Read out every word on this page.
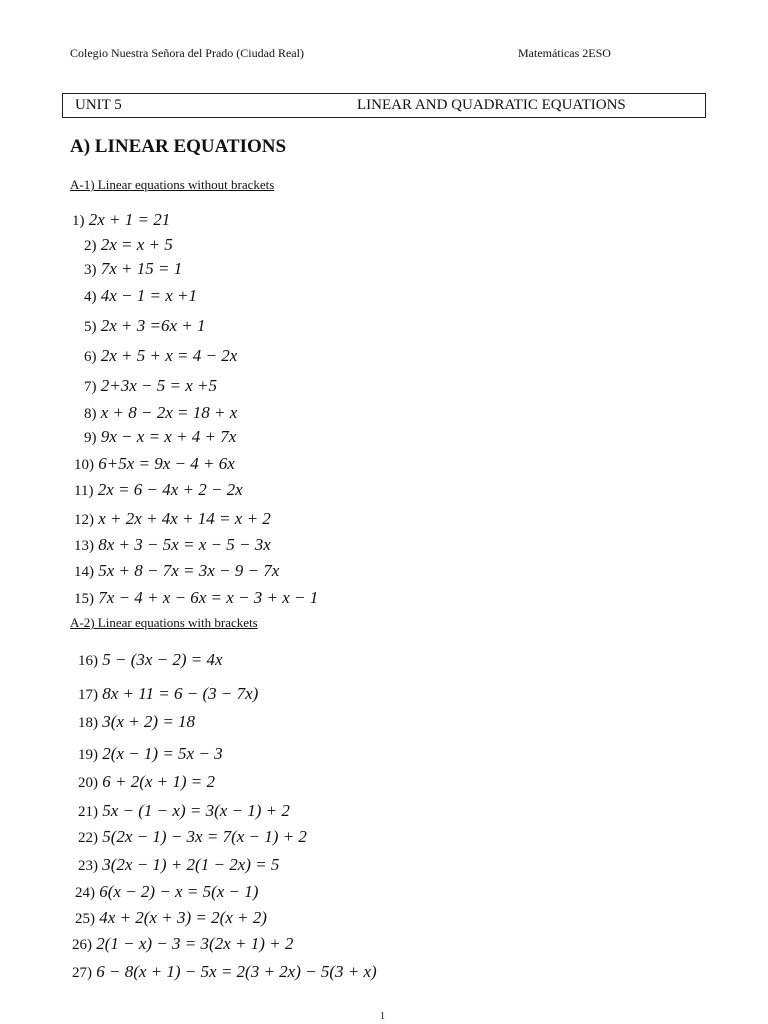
Colegio Nuestra Señora del Prado (Ciudad Real)	Matemáticas 2ESO
UNIT 5	LINEAR AND QUADRATIC EQUATIONS
A) LINEAR EQUATIONS
A-1) Linear equations without brackets
A-2) Linear equations with brackets
1) 2x + 1 = 21
2) 2x = x + 5
3) 7x + 15 = 1
4) 4x − 1 = x +1
5) 2x + 3 =6x + 1
6) 2x + 5 + x = 4 − 2x
7) 2+3x − 5 = x +5
8) x + 8 − 2x = 18 + x
9) 9x − x = x + 4 + 7x
10) 6+5x = 9x − 4 + 6x
11) 2x = 6 − 4x + 2 − 2x
12) x + 2x + 4x + 14 = x + 2
13) 8x + 3 − 5x = x − 5 − 3x
14) 5x + 8 − 7x = 3x − 9 − 7x
15) 7x − 4 + x − 6x = x − 3 + x − 1
16) 5 − (3x − 2) = 4x
17) 8x + 11 = 6 − (3 − 7x)
18) 3(x + 2) = 18
19) 2(x − 1) = 5x − 3
20) 6 + 2(x + 1) = 2
21) 5x − (1 − x) = 3(x − 1) + 2
22) 5(2x − 1) − 3x = 7(x − 1) + 2
23) 3(2x − 1) + 2(1 − 2x) = 5
24) 6(x − 2) − x = 5(x − 1)
25) 4x + 2(x + 3) = 2(x + 2)
26) 2(1 − x) − 3 = 3(2x + 1) + 2
27) 6 − 8(x + 1) − 5x = 2(3 + 2x) − 5(3 + x)
1
